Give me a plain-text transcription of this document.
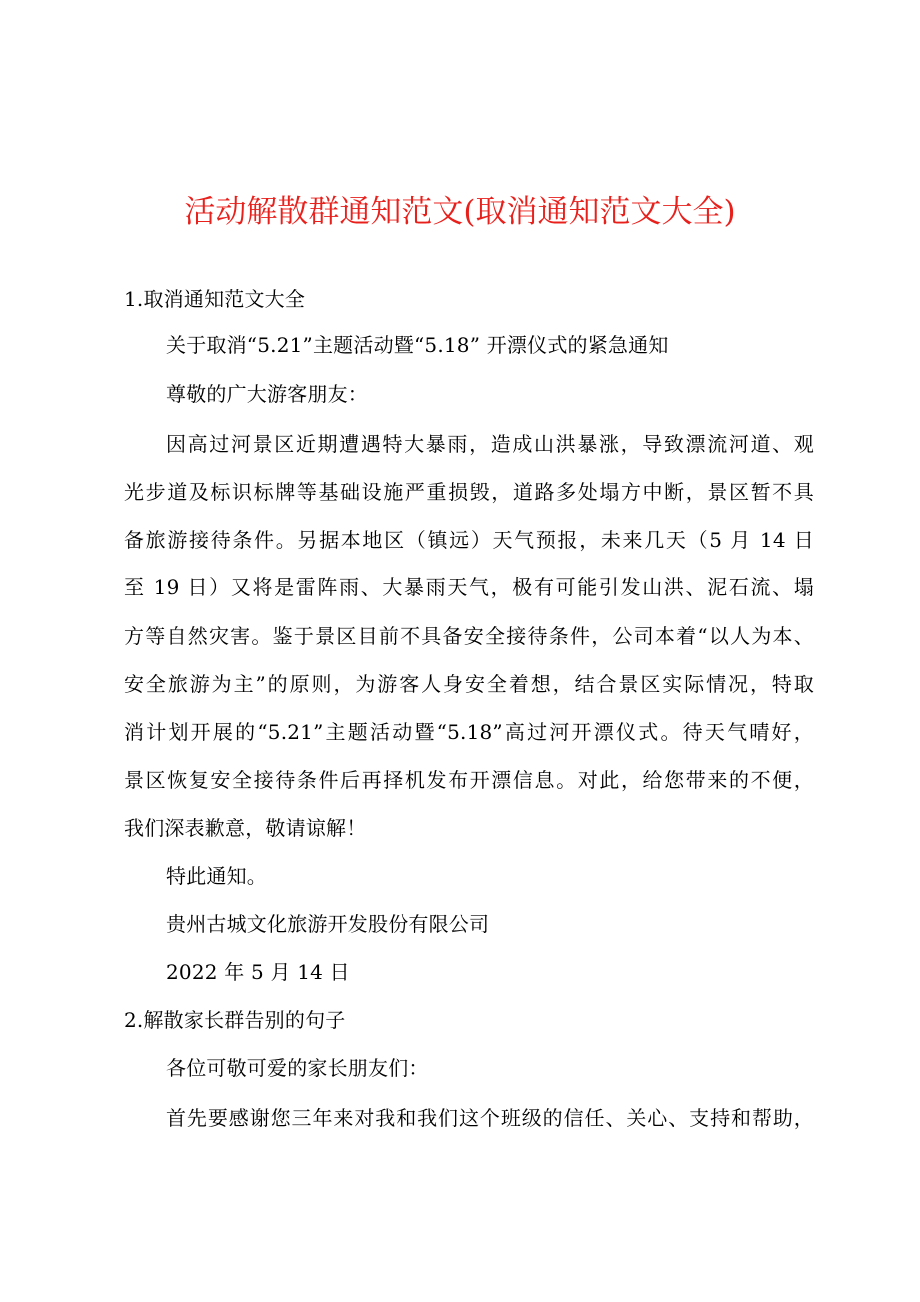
活动解散群通知范文(取消通知范文大全)
1.取消通知范文大全
关于取消“5.21”主题活动暨“5.18” 开漂仪式的紧急通知
尊敬的广大游客朋友：
因高过河景区近期遭遇特大暴雨，造成山洪暴涨，导致漂流河道、观
光步道及标识标牌等基础设施严重损毁，道路多处塌方中断，景区暂不具
备旅游接待条件。另据本地区（镇远）天气预报，未来几天（5 月 14 日
至 19 日）又将是雷阵雨、大暴雨天气，极有可能引发山洪、泥石流、塌
方等自然灾害。鉴于景区目前不具备安全接待条件，公司本着“以人为本、
安全旅游为主”的原则，为游客人身安全着想，结合景区实际情况，特取
消计划开展的“5.21”主题活动暨“5.18”高过河开漂仪式。待天气晴好，
景区恢复安全接待条件后再择机发布开漂信息。对此，给您带来的不便，
我们深表歉意，敬请谅解！
特此通知。
贵州古城文化旅游开发股份有限公司
2022 年 5 月 14 日
2.解散家长群告别的句子
各位可敬可爱的家长朋友们：
首先要感谢您三年来对我和我们这个班级的信任、关心、支持和帮助，
